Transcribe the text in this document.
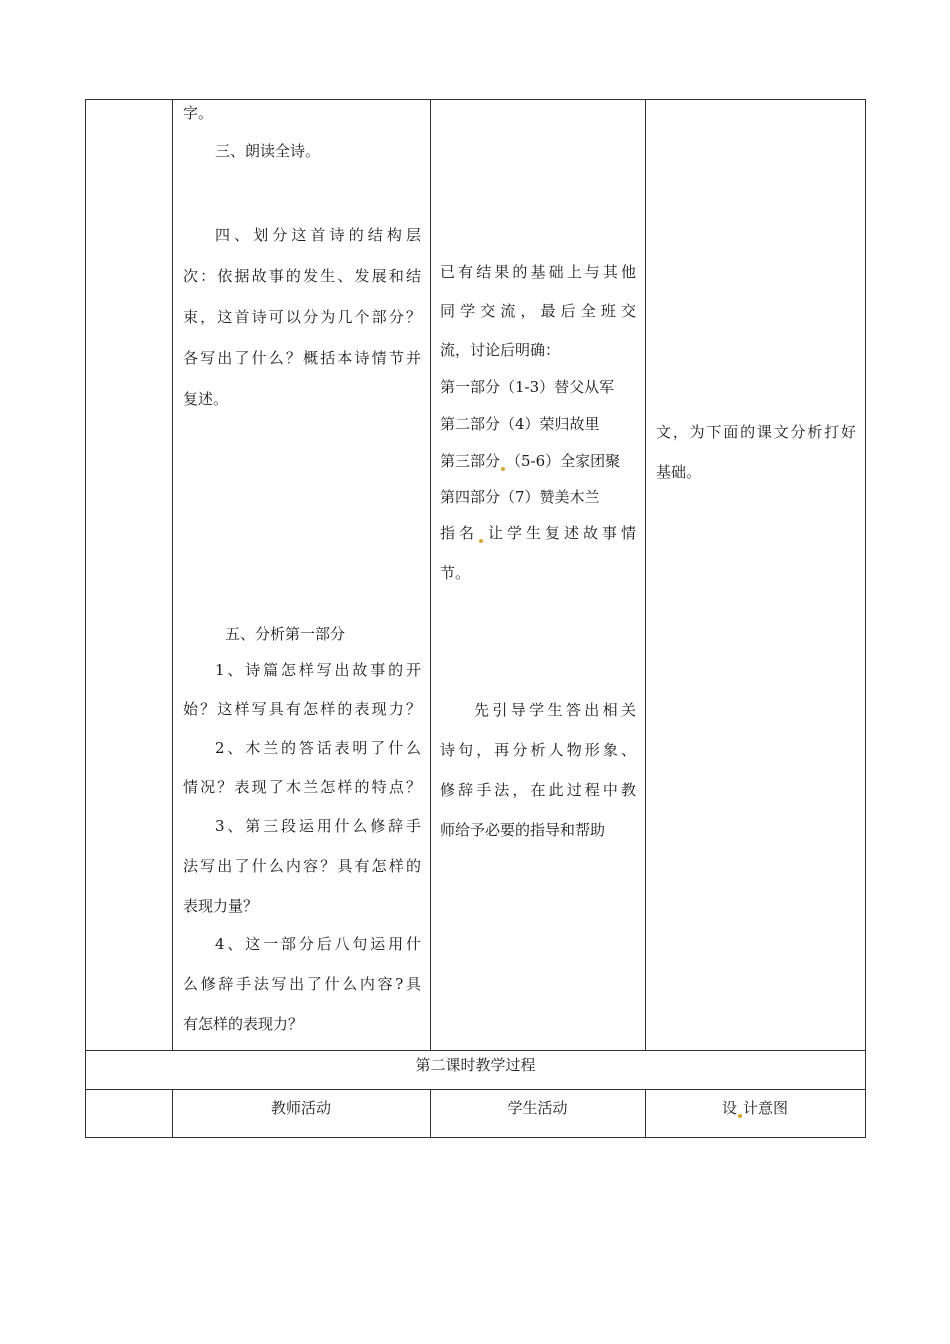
字。
三、朗读全诗。
四、划分这首诗的结构层
次：依据故事的发生、发展和结
束，这首诗可以分为几个部分？
各写出了什么？概括本诗情节并
复述。
五、分析第一部分
1、诗篇怎样写出故事的开
始？这样写具有怎样的表现力？
2、木兰的答话表明了什么
情况？表现了木兰怎样的特点？
3、第三段运用什么修辞手
法写出了什么内容？具有怎样的
表现力量？
4、这一部分后八句运用什
么修辞手法写出了什么内容?具
有怎样的表现力？
已有结果的基础上与其他
同学交流，最后全班交
流，讨论后明确：
第一部分（1-3）替父从军
第二部分（4）荣归故里
第三部分 （5-6）全家团聚
第四部分（7）赞美木兰
指名 让学生复述故事情
节。
先引导学生答出相关
诗句，再分析人物形象、
修辞手法，在此过程中教
师给予必要的指导和帮助
文，为下面的课文分析打好
基础。
第二课时教学过程
教师活动	学生活动	设 计意图
